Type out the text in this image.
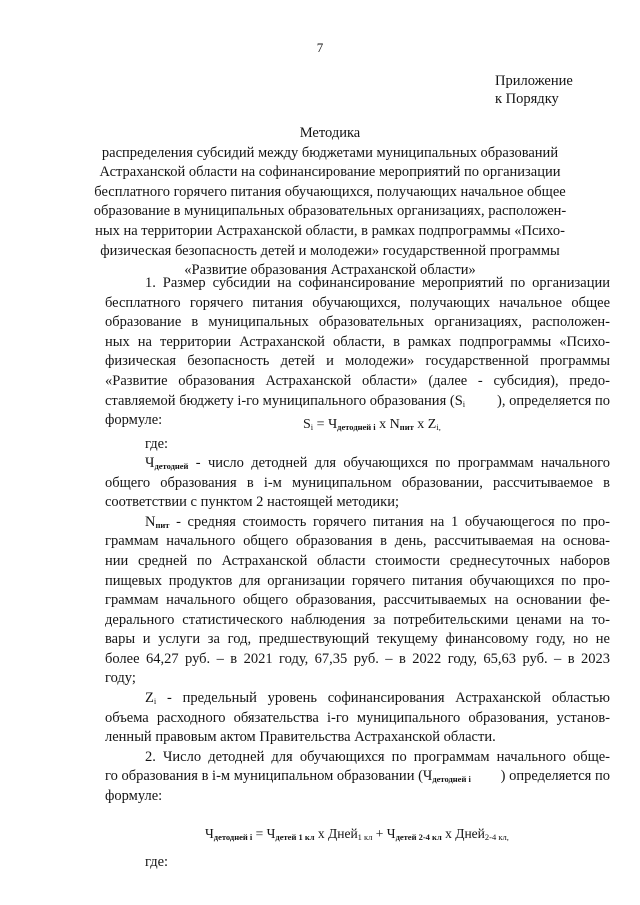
7
Приложение
к Порядку
Методика
распределения субсидий между бюджетами муниципальных образований
Астраханской области на софинансирование мероприятий по организации
бесплатного горячего питания обучающихся, получающих начальное общее
образование в муниципальных образовательных организациях, расположен-
ных на территории Астраханской области, в рамках подпрограммы «Психо-
физическая безопасность детей и молодежи» государственной программы
«Развитие образования Астраханской области»
1. Размер субсидии на софинансирование мероприятий по организации
бесплатного горячего питания обучающихся, получающих начальное общее
образование в муниципальных образовательных организациях, расположен-
ных на территории Астраханской области, в рамках подпрограммы «Психо-
физическая безопасность детей и молодежи» государственной программы
«Развитие образования Астраханской области» (далее - субсидия), предо-
ставляемой бюджету i-го муниципального образования (Si ), определяется по
формуле:	$Si = Ч_{детодней i}$ x $N_{пит}$ x Zi,
где:
$Ч_{детодней}$ - число детодней для обучающихся по программам начального
общего образования в i-м муниципальном образовании, рассчитываемое в
соответствии с пунктом 2 настоящей методики;
$N_{пит}$ - средняя стоимость горячего питания на 1 обучающегося по про-
граммам начального общего образования в день, рассчитываемая на основа-
нии средней по Астраханской области стоимости среднесуточных наборов
пищевых продуктов для организации горячего питания обучающихся по про-
граммам начального общего образования, рассчитываемых на основании фе-
дерального статистического наблюдения за потребительскими ценами на то-
вары и услуги за год, предшествующий текущему финансовому году, но не
более 64,27 руб. – в 2021 году, 67,35 руб. – в 2022 году, 65,63 руб. – в 2023
году;
Zi - предельный уровень софинансирования Астраханской областью
объема расходного обязательства i-го муниципального образования, установ-
ленный правовым актом Правительства Астраханской области.
2. Число детодней для обучающихся по программам начального обще-
го образования в i-м муниципальном образовании ($Ч_{детодней i}$ ) определяется по
формуле:
$Ч_{детодней i} = Ч_{детей 1 кл}$ x Дней1 кл + $Ч_{детей 2-4 кл}$ x Дней2-4 кл,
где:
